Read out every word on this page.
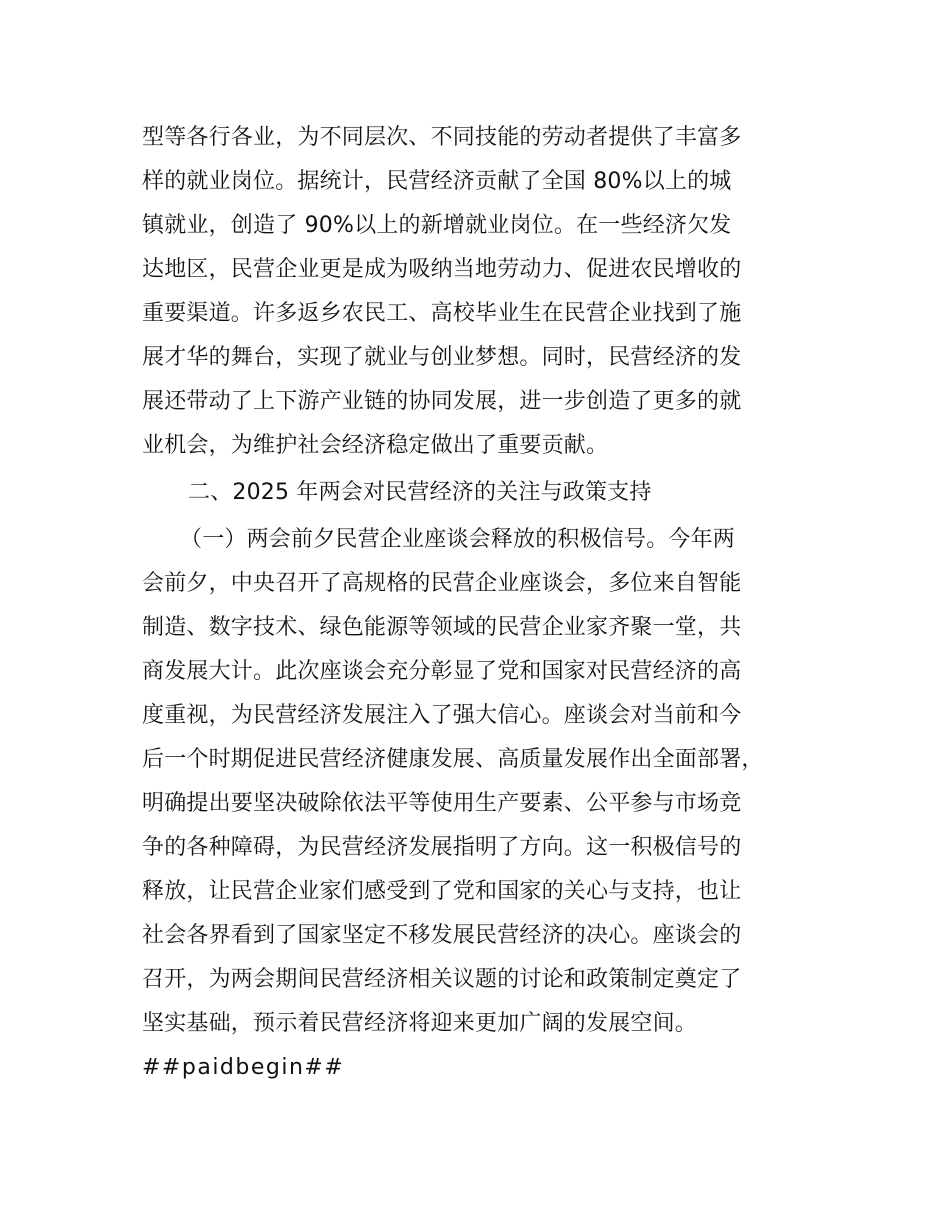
型等各行各业，为不同层次、不同技能的劳动者提供了丰富多
样的就业岗位。据统计，民营经济贡献了全国 80%以上的城
镇就业，创造了 90%以上的新增就业岗位。在一些经济欠发
达地区，民营企业更是成为吸纳当地劳动力、促进农民增收的
重要渠道。许多返乡农民工、高校毕业生在民营企业找到了施
展才华的舞台，实现了就业与创业梦想。同时，民营经济的发
展还带动了上下游产业链的协同发展，进一步创造了更多的就
业机会，为维护社会经济稳定做出了重要贡献。
二、2025 年两会对民营经济的关注与政策支持
（一）两会前夕民营企业座谈会释放的积极信号。今年两
会前夕，中央召开了高规格的民营企业座谈会，多位来自智能
制造、数字技术、绿色能源等领域的民营企业家齐聚一堂，共
商发展大计。此次座谈会充分彰显了党和国家对民营经济的高
度重视，为民营经济发展注入了强大信心。座谈会对当前和今
后一个时期促进民营经济健康发展、高质量发展作出全面部署，
明确提出要坚决破除依法平等使用生产要素、公平参与市场竞
争的各种障碍，为民营经济发展指明了方向。这一积极信号的
释放，让民营企业家们感受到了党和国家的关心与支持，也让
社会各界看到了国家坚定不移发展民营经济的决心。座谈会的
召开，为两会期间民营经济相关议题的讨论和政策制定奠定了
坚实基础，预示着民营经济将迎来更加广阔的发展空间。
##paidbegin##
